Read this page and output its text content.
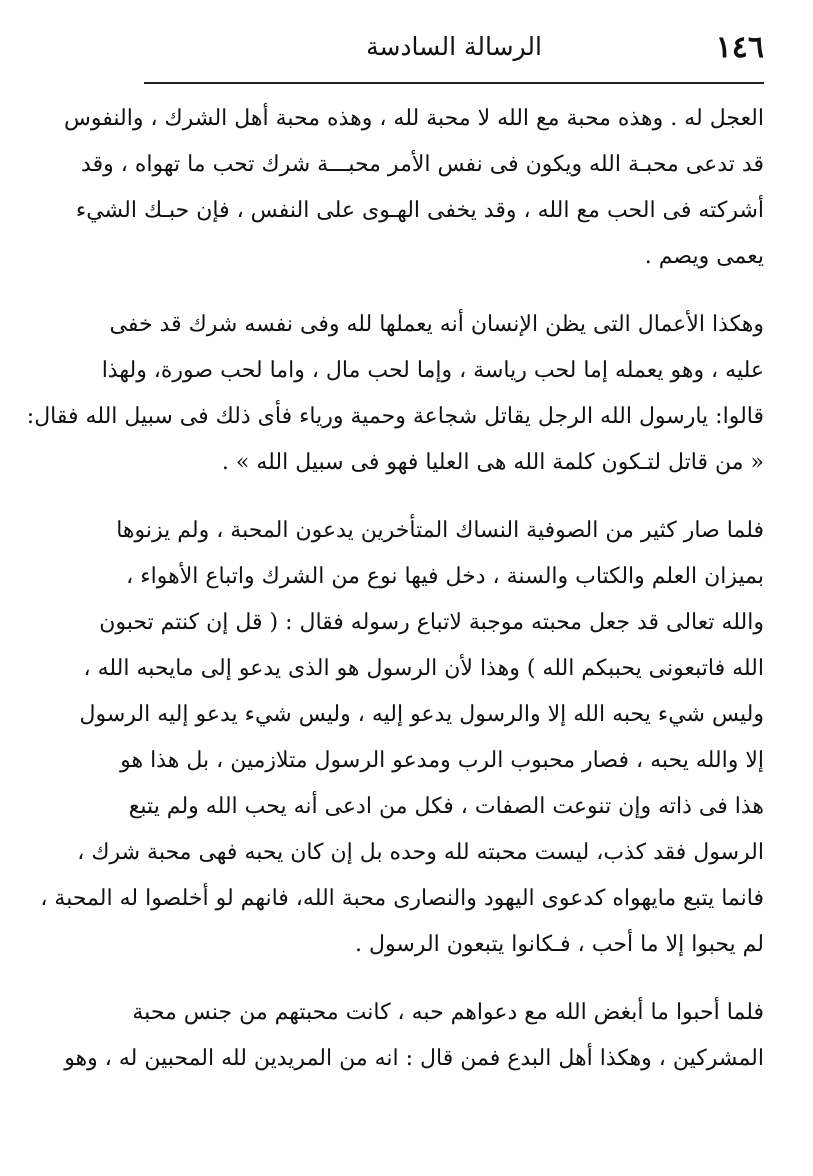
١٤٦
الرسالة السادسة
العجل له . وهذه محبة مع الله لا محبة لله ، وهذه محبة أهل الشرك ، والنفوس
قد تدعى محبـة الله ويكون فى نفس الأمر محبـــة شرك تحب ما تهواه ، وقد
أشركته فى الحب مع الله ، وقد يخفى الهـوى على النفس ، فإن حبـك الشيء
يعمى ويصم .
وهكذا الأعمال التى يظن الإنسان أنه يعملها لله وفى نفسه شرك قد خفى
عليه ، وهو يعمله إما لحب رياسة ، وإما لحب مال ، واما لحب صورة، ولهذا
قالوا: يارسول الله الرجل يقاتل شجاعة وحمية ورياء فأى ذلك فى سبيل الله فقال:
« من قاتل لتـكون كلمة الله هى العليا فهو فى سبيل الله » .
فلما صار كثير من الصوفية النساك المتأخرين يدعون المحبة ، ولم يزنوها
بميزان العلم والكتاب والسنة ، دخل فيها نوع من الشرك واتباع الأهواء ،
والله تعالى قد جعل محبته موجبة لاتباع رسوله فقال : ( قل إن كنتم تحبون
الله فاتبعونى يحببكم الله ) وهذا لأن الرسول هو الذى يدعو إلى مايحبه الله ،
وليس شيء يحبه الله إلا والرسول يدعو إليه ، وليس شيء يدعو إليه الرسول
إلا والله يحبه ، فصار محبوب الرب ومدعو الرسول متلازمين ، بل هذا هو
هذا فى ذاته وإن تنوعت الصفات ، فكل من ادعى أنه يحب الله ولم يتبع
الرسول فقد كذب، ليست محبته لله وحده بل إن كان يحبه فهى محبة شرك ،
فانما يتبع مايهواه كدعوى اليهود والنصارى محبة الله، فانهم لو أخلصوا له المحبة ،
لم يحبوا إلا ما أحب ، فـكانوا يتبعون الرسول .
فلما أحبوا ما أبغض الله مع دعواهم حبه ، كانت محبتهم من جنس محبة
المشركين ، وهكذا أهل البدع فمن قال : انه من المريدين لله المحبين له ، وهو
